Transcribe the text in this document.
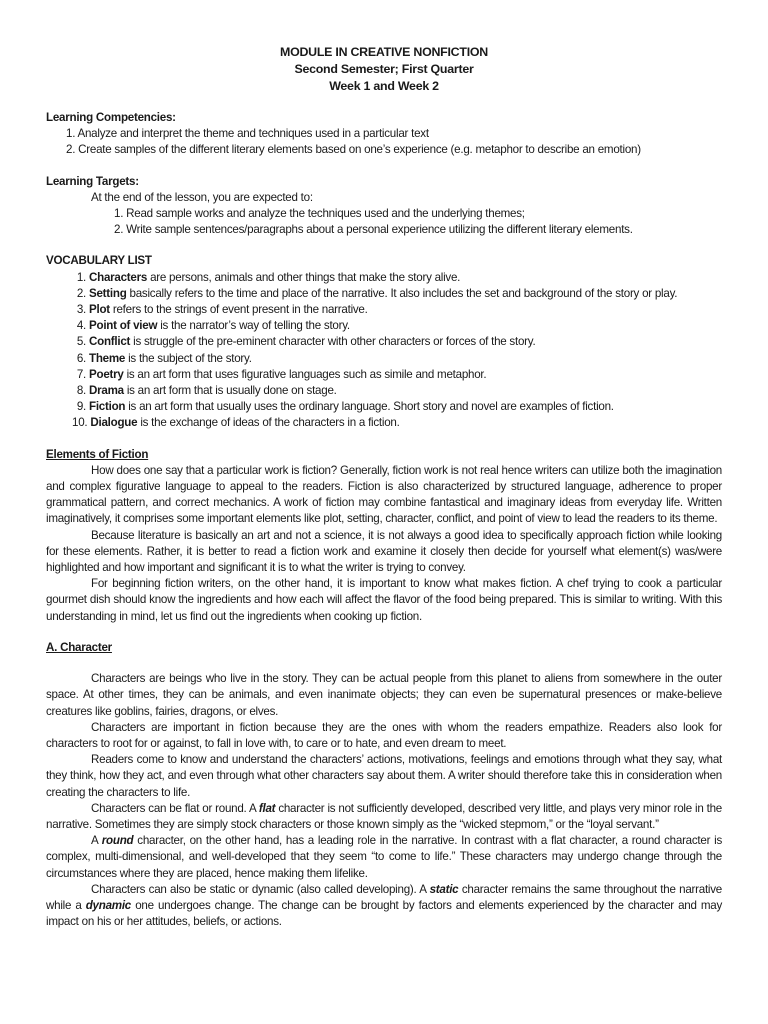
MODULE IN CREATIVE NONFICTION
Second Semester; First Quarter
Week 1 and Week 2
Learning Competencies:
1. Analyze and interpret the theme and techniques used in a particular text
2. Create samples of the different literary elements based on one’s experience (e.g. metaphor to describe an emotion)
Learning Targets:
At the end of the lesson, you are expected to:
1. Read sample works and analyze the techniques used and the underlying themes;
2. Write sample sentences/paragraphs about a personal experience utilizing the different literary elements.
VOCABULARY LIST
1. Characters are persons, animals and other things that make the story alive.
2. Setting basically refers to the time and place of the narrative. It also includes the set and background of the story or play.
3. Plot refers to the strings of event present in the narrative.
4. Point of view is the narrator’s way of telling the story.
5. Conflict is struggle of the pre-eminent character with other characters or forces of the story.
6. Theme is the subject of the story.
7. Poetry is an art form that uses figurative languages such as simile and metaphor.
8. Drama is an art form that is usually done on stage.
9. Fiction is an art form that usually uses the ordinary language. Short story and novel are examples of fiction.
10. Dialogue is the exchange of ideas of the characters in a fiction.
Elements of Fiction

How does one say that a particular work is fiction? Generally, fiction work is not real hence writers can utilize both the imagination and complex figurative language to appeal to the readers. Fiction is also characterized by structured language, adherence to proper grammatical pattern, and correct mechanics. A work of fiction may combine fantastical and imaginary ideas from everyday life. Written imaginatively, it comprises some important elements like plot, setting, character, conflict, and point of view to lead the readers to its theme.

Because literature is basically an art and not a science, it is not always a good idea to specifically approach fiction while looking for these elements. Rather, it is better to read a fiction work and examine it closely then decide for yourself what element(s) was/were highlighted and how important and significant it is to what the writer is trying to convey.

For beginning fiction writers, on the other hand, it is important to know what makes fiction. A chef trying to cook a particular gourmet dish should know the ingredients and how each will affect the flavor of the food being prepared. This is similar to writing. With this understanding in mind, let us find out the ingredients when cooking up fiction.

A. Character

Characters are beings who live in the story. They can be actual people from this planet to aliens from somewhere in the outer space. At other times, they can be animals, and even inanimate objects; they can even be supernatural presences or make-believe creatures like goblins, fairies, dragons, or elves.

Characters are important in fiction because they are the ones with whom the readers empathize. Readers also look for characters to root for or against, to fall in love with, to care or to hate, and even dream to meet.

Readers come to know and understand the characters’ actions, motivations, feelings and emotions through what they say, what they think, how they act, and even through what other characters say about them. A writer should therefore take this in consideration when creating the characters to life.

Characters can be flat or round. A flat character is not sufficiently developed, described very little, and plays very minor role in the narrative. Sometimes they are simply stock characters or those known simply as the “wicked stepmom,” or the “loyal servant.”

A round character, on the other hand, has a leading role in the narrative. In contrast with a flat character, a round character is complex, multi-dimensional, and well-developed that they seem “to come to life.” These characters may undergo change through the circumstances where they are placed, hence making them lifelike.

Characters can also be static or dynamic (also called developing). A static character remains the same throughout the narrative while a dynamic one undergoes change. The change can be brought by factors and elements experienced by the character and may impact on his or her attitudes, beliefs, or actions.
